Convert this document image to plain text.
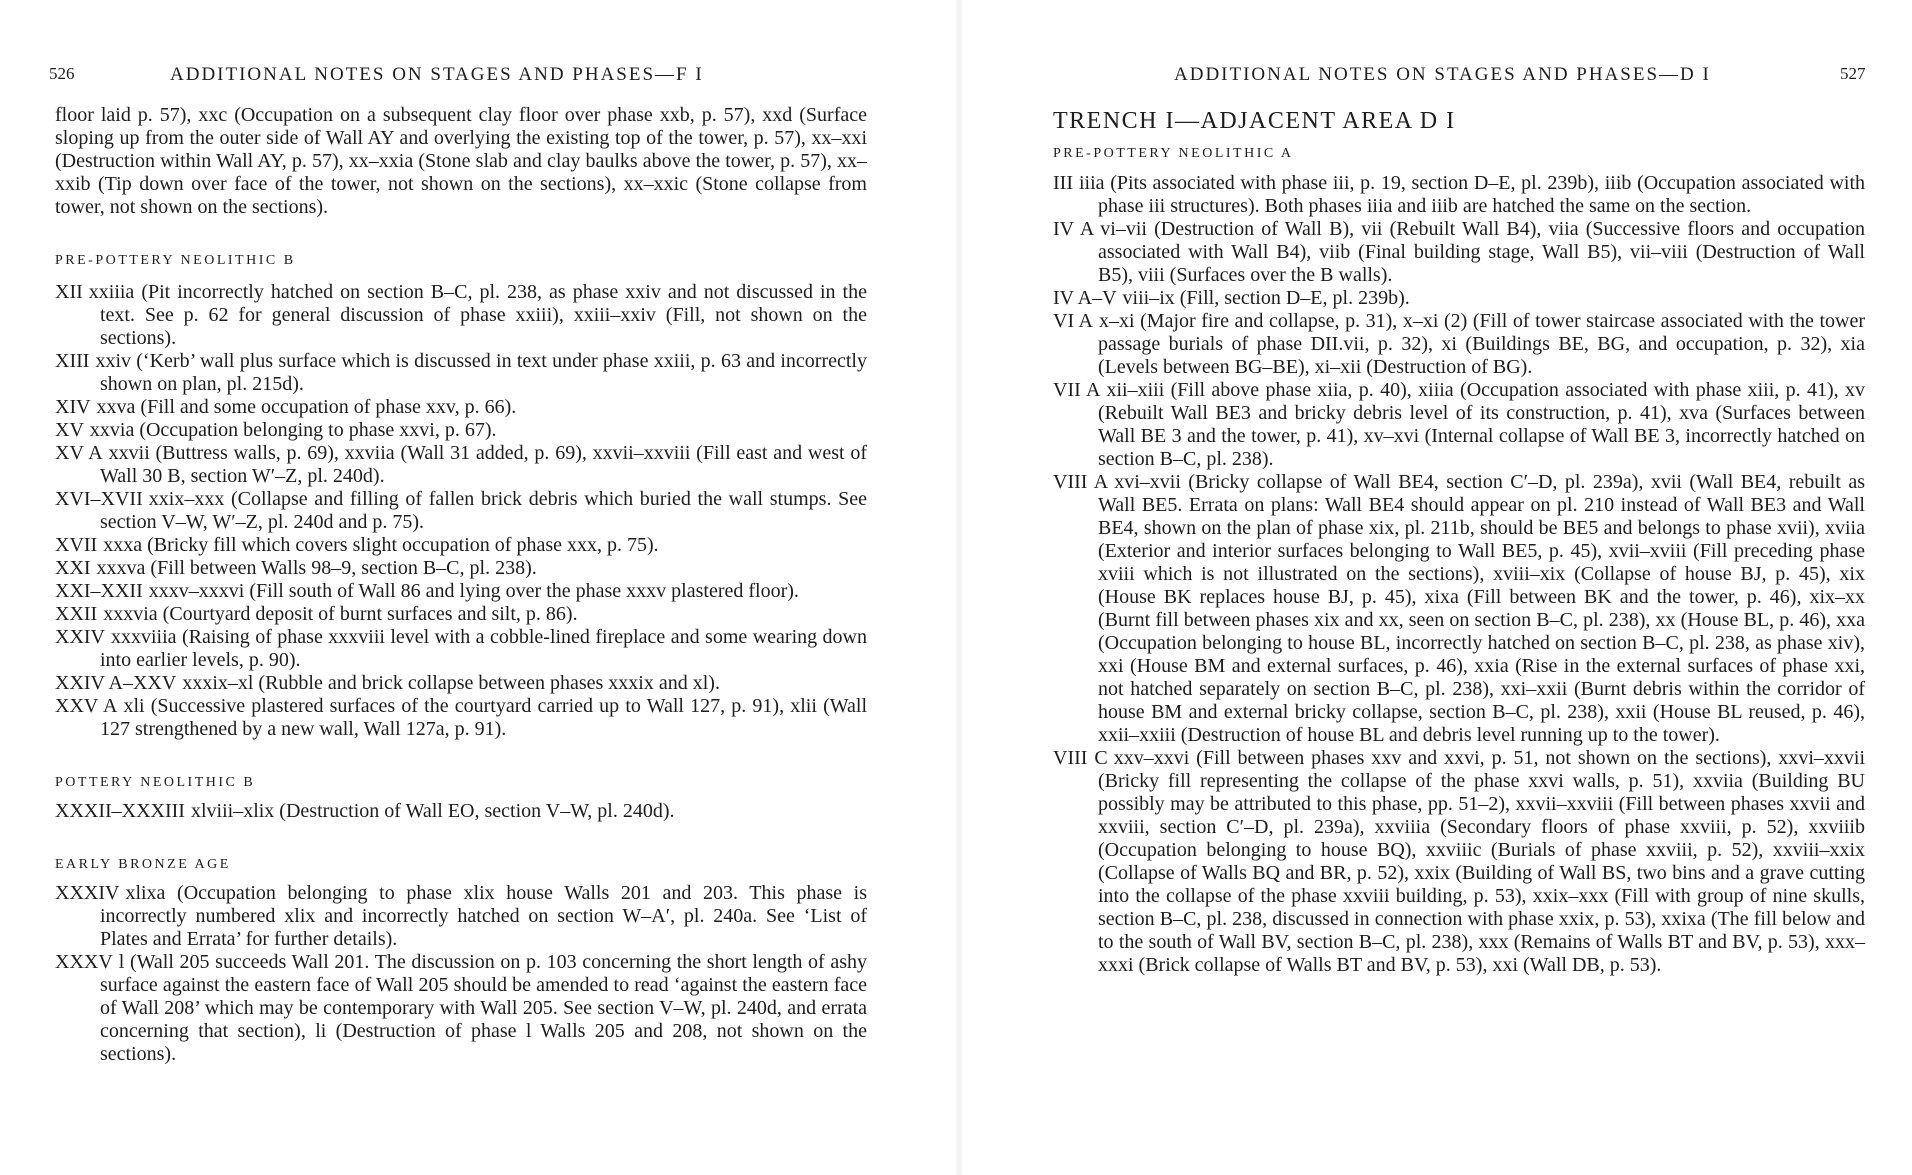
526	ADDITIONAL NOTES ON STAGES AND PHASES—F I

floor laid p. 57), xxc (Occupation on a subsequent clay floor over phase xxb, p. 57), xxd (Surface sloping up from the outer side of Wall AY and overlying the existing top of the tower, p. 57), xx–xxi (Destruction within Wall AY, p. 57), xx–xxia (Stone slab and clay baulks above the tower, p. 57), xx–xxib (Tip down over face of the tower, not shown on the sections), xx–xxic (Stone collapse from tower, not shown on the sections).

PRE-POTTERY NEOLITHIC B

XII xxiiia (Pit incorrectly hatched on section B–C, pl. 238, as phase xxiv and not discussed in the text. See p. 62 for general discussion of phase xxiii), xxiii–xxiv (Fill, not shown on the sections).

XIII xxiv (‘Kerb’ wall plus surface which is discussed in text under phase xxiii, p. 63 and incorrectly shown on plan, pl. 215d).

XIV xxva (Fill and some occupation of phase xxv, p. 66).

XV xxvia (Occupation belonging to phase xxvi, p. 67).

XV A xxvii (Buttress walls, p. 69), xxviia (Wall 31 added, p. 69), xxvii–xxviii (Fill east and west of Wall 30 B, section W′–Z, pl. 240d).

XVI–XVII xxix–xxx (Collapse and filling of fallen brick debris which buried the wall stumps. See section V–W, W′–Z, pl. 240d and p. 75).

XVII xxxa (Bricky fill which covers slight occupation of phase xxx, p. 75).

XXI xxxva (Fill between Walls 98–9, section B–C, pl. 238).

XXI–XXII xxxv–xxxvi (Fill south of Wall 86 and lying over the phase xxxv plastered floor).

XXII xxxvia (Courtyard deposit of burnt surfaces and silt, p. 86).

XXIV xxxviiia (Raising of phase xxxviii level with a cobble-lined fireplace and some wearing down into earlier levels, p. 90).

XXIV A–XXV xxxix–xl (Rubble and brick collapse between phases xxxix and xl).

XXV A xli (Successive plastered surfaces of the courtyard carried up to Wall 127, p. 91), xlii (Wall 127 strengthened by a new wall, Wall 127a, p. 91).

POTTERY NEOLITHIC B

XXXII–XXXIII xlviii–xlix (Destruction of Wall EO, section V–W, pl. 240d).

EARLY BRONZE AGE

XXXIV xlixa (Occupation belonging to phase xlix house Walls 201 and 203. This phase is incorrectly numbered xlix and incorrectly hatched on section W–A′, pl. 240a. See ‘List of Plates and Errata’ for further details).

XXXV l (Wall 205 succeeds Wall 201. The discussion on p. 103 concerning the short length of ashy surface against the eastern face of Wall 205 should be amended to read ‘against the eastern face of Wall 208’ which may be contemporary with Wall 205. See section V–W, pl. 240d, and errata concerning that section), li (Destruction of phase l Walls 205 and 208, not shown on the sections).

ADDITIONAL NOTES ON STAGES AND PHASES—D I	527

TRENCH I—ADJACENT AREA D I

PRE-POTTERY NEOLITHIC A

III iiia (Pits associated with phase iii, p. 19, section D–E, pl. 239b), iiib (Occupation associated with phase iii structures). Both phases iiia and iiib are hatched the same on the section.

IV A vi–vii (Destruction of Wall B), vii (Rebuilt Wall B4), viia (Successive floors and occupation associated with Wall B4), viib (Final building stage, Wall B5), vii–viii (Destruction of Wall B5), viii (Surfaces over the B walls).

IV A–V viii–ix (Fill, section D–E, pl. 239b).

VI A x–xi (Major fire and collapse, p. 31), x–xi (2) (Fill of tower staircase associated with the tower passage burials of phase DII.vii, p. 32), xi (Buildings BE, BG, and occupation, p. 32), xia (Levels between BG–BE), xi–xii (Destruction of BG).

VII A xii–xiii (Fill above phase xiia, p. 40), xiiia (Occupation associated with phase xiii, p. 41), xv (Rebuilt Wall BE3 and bricky debris level of its construction, p. 41), xva (Surfaces between Wall BE 3 and the tower, p. 41), xv–xvi (Internal collapse of Wall BE 3, incorrectly hatched on section B–C, pl. 238).

VIII A xvi–xvii (Bricky collapse of Wall BE4, section C′–D, pl. 239a), xvii (Wall BE4, rebuilt as Wall BE5. Errata on plans: Wall BE4 should appear on pl. 210 instead of Wall BE3 and Wall BE4, shown on the plan of phase xix, pl. 211b, should be BE5 and belongs to phase xvii), xviia (Exterior and interior surfaces belonging to Wall BE5, p. 45), xvii–xviii (Fill preceding phase xviii which is not illustrated on the sections), xviii–xix (Collapse of house BJ, p. 45), xix (House BK replaces house BJ, p. 45), xixa (Fill between BK and the tower, p. 46), xix–xx (Burnt fill between phases xix and xx, seen on section B–C, pl. 238), xx (House BL, p. 46), xxa (Occupation belonging to house BL, incorrectly hatched on section B–C, pl. 238, as phase xiv), xxi (House BM and external surfaces, p. 46), xxia (Rise in the external surfaces of phase xxi, not hatched separately on section B–C, pl. 238), xxi–xxii (Burnt debris within the corridor of house BM and external bricky collapse, section B–C, pl. 238), xxii (House BL reused, p. 46), xxii–xxiii (Destruction of house BL and debris level running up to the tower).

VIII C xxv–xxvi (Fill between phases xxv and xxvi, p. 51, not shown on the sections), xxvi–xxvii (Bricky fill representing the collapse of the phase xxvi walls, p. 51), xxviia (Building BU possibly may be attributed to this phase, pp. 51–2), xxvii–xxviii (Fill between phases xxvii and xxviii, section C′–D, pl. 239a), xxviiia (Secondary floors of phase xxviii, p. 52), xxviiib (Occupation belonging to house BQ), xxviiic (Burials of phase xxviii, p. 52), xxviii–xxix (Collapse of Walls BQ and BR, p. 52), xxix (Building of Wall BS, two bins and a grave cutting into the collapse of the phase xxviii building, p. 53), xxix–xxx (Fill with group of nine skulls, section B–C, pl. 238, discussed in connection with phase xxix, p. 53), xxixa (The fill below and to the south of Wall BV, section B–C, pl. 238), xxx (Remains of Walls BT and BV, p. 53), xxx–xxxi (Brick collapse of Walls BT and BV, p. 53), xxi (Wall DB, p. 53).
